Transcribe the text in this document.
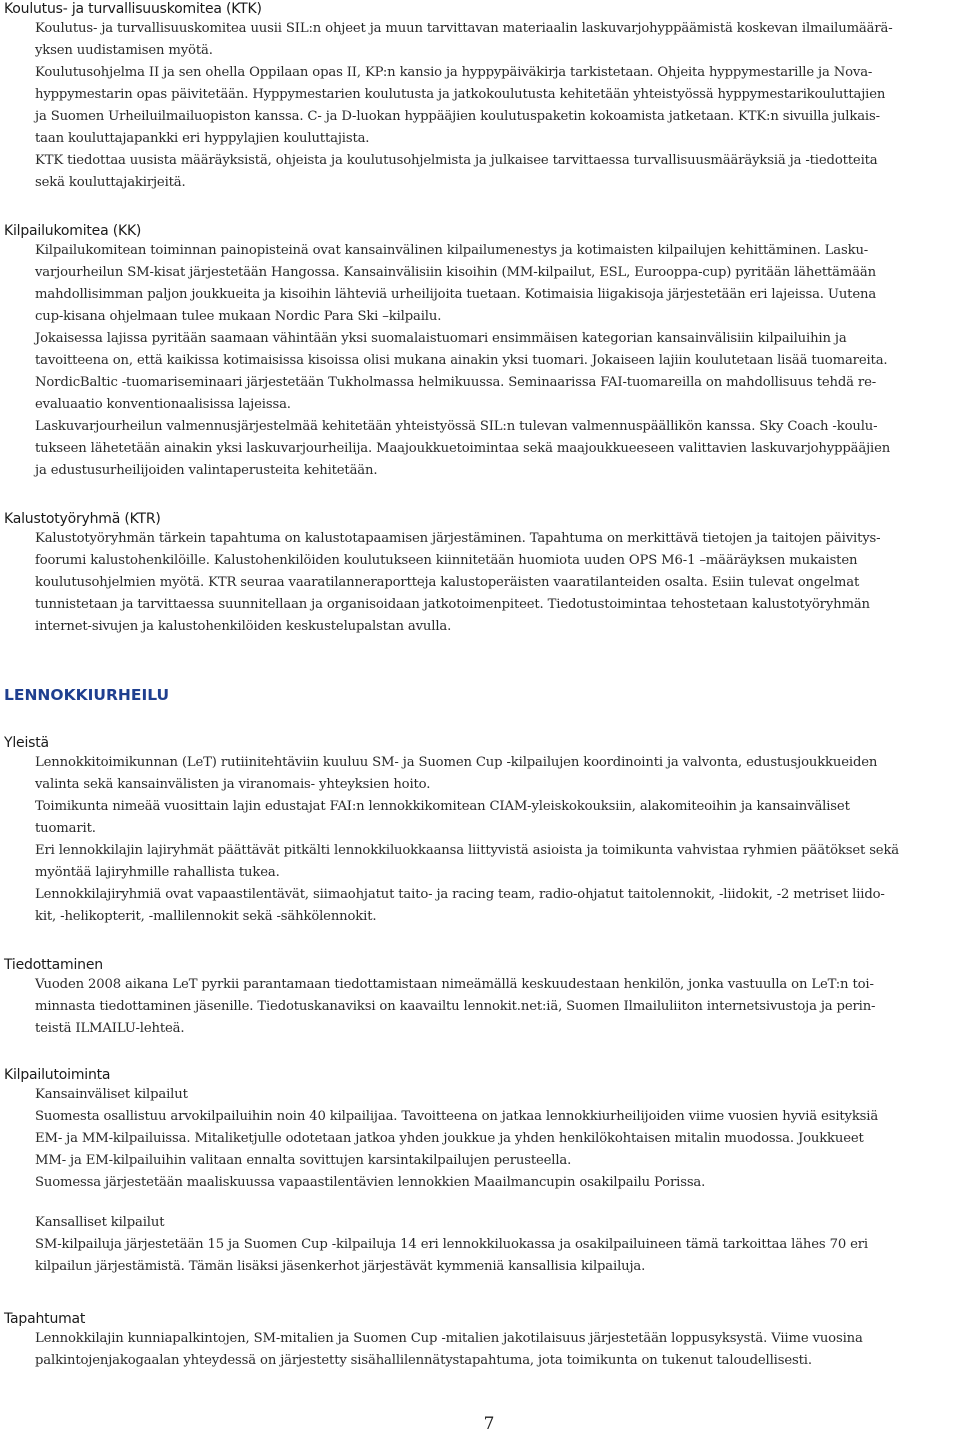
Koulutus- ja turvallisuuskomitea (KTK)
Koulutus- ja turvallisuuskomitea uusii SIL:n ohjeet ja muun tarvittavan materiaalin laskuvarjohyppäämistä koskevan ilmailumäärä-
yksen uudistamisen myötä.
Koulutusohjelma II ja sen ohella Oppilaan opas II, KP:n kansio ja hyppypäiväkirja tarkistetaan. Ohjeita hyppymestarille ja Nova-
hyppymestarin opas päivitetään. Hyppymestarien koulutusta ja jatkokoulutusta kehitetään yhteistyössä hyppymestarikouluttajien
ja Suomen Urheiluilmailuopiston kanssa. C- ja D-luokan hyppääjien koulutuspaketin kokoamista jatketaan. KTK:n sivuilla julkais-
taan kouluttajapankki eri hyppylajien kouluttajista.
KTK tiedottaa uusista määräyksistä, ohjeista ja koulutusohjelmista ja julkaisee tarvittaessa turvallisuusmääräyksiä ja -tiedotteita
sekä kouluttajakirjeitä.
Kilpailukomitea (KK)
Kilpailukomitean toiminnan painopisteinä ovat kansainvälinen kilpailumenestys ja kotimaisten kilpailujen kehittäminen. Lasku-
varjourheilun SM-kisat järjestetään Hangossa. Kansainvälisiin kisoihin (MM-kilpailut, ESL, Eurooppa-cup) pyritään lähettämään
mahdollisimman paljon joukkueita ja kisoihin lähteviä urheilijoita tuetaan. Kotimaisia liigakisoja järjestetään eri lajeissa. Uutena
cup-kisana ohjelmaan tulee mukaan Nordic Para Ski –kilpailu.
Jokaisessa lajissa pyritään saamaan vähintään yksi suomalaistuomari ensimmäisen kategorian kansainvälisiin kilpailuihin ja
tavoitteena on, että kaikissa kotimaisissa kisoissa olisi mukana ainakin yksi tuomari. Jokaiseen lajiin koulutetaan lisää tuomareita.
NordicBaltic -tuomariseminaari järjestetään Tukholmassa helmikuussa. Seminaarissa FAI-tuomareilla on mahdollisuus tehdä re-
evaluaatio konventionaalisissa lajeissa.
Laskuvarjourheilun valmennusjärjestelmää kehitetään yhteistyössä SIL:n tulevan valmennuspäällikön kanssa. Sky Coach -koulu-
tukseen lähetetään ainakin yksi laskuvarjourheilija. Maajoukkuetoimintaa sekä maajoukkueeseen valittavien laskuvarjohyppääjien
ja edustusurheilijoiden valintaperusteita kehitetään.
Kalustotyöryhmä (KTR)
Kalustotyöryhmän tärkein tapahtuma on kalustotapaamisen järjestäminen. Tapahtuma on merkittävä tietojen ja taitojen päivitys-
foorumi kalustohenkilöille. Kalustohenkilöiden koulutukseen kiinnitetään huomiota uuden OPS M6-1 –määräyksen mukaisten
koulutusohjelmien myötä. KTR seuraa vaaratilanneraportteja kalustoperäisten vaaratilanteiden osalta. Esiin tulevat ongelmat
tunnistetaan ja tarvittaessa suunnitellaan ja organisoidaan jatkotoimenpiteet. Tiedotustoimintaa tehostetaan kalustotyöryhmän
internet-sivujen ja kalustohenkilöiden keskustelupalstan avulla.
LENNOKKIURHEILU
Yleistä
Lennokkitoimikunnan (LeT) rutiinitehtäviin kuuluu SM- ja Suomen Cup -kilpailujen koordinointi ja valvonta, edustusjoukkueiden
valinta sekä kansainvälisten ja viranomais- yhteyksien hoito.
Toimikunta nimeää vuosittain lajin edustajat FAI:n lennokkikomitean CIAM-yleiskokouksiin, alakomiteoihin ja kansainväliset
tuomarit.
Eri lennokkilajin lajiryhmät päättävät pitkälti lennokkiluokkaansa liittyvistä asioista ja toimikunta vahvistaa ryhmien päätökset sekä
myöntää lajiryhmille rahallista tukea.
Lennokkilajiryhmiä ovat vapaastilentävät, siimaohjatut taito- ja racing team, radio-ohjatut taitolennokit, -liidokit, -2 metriset liido-
kit, -helikopterit, -mallilennokit sekä -sähkölennokit.
Tiedottaminen
Vuoden 2008 aikana LeT pyrkii parantamaan tiedottamistaan nimeämällä keskuudestaan henkilön, jonka vastuulla on LeT:n toi-
minnasta tiedottaminen jäsenille. Tiedotuskanaviksi on kaavailtu lennokit.net:iä, Suomen Ilmailuliiton internetsivustoja ja perin-
teistä ILMAILU-lehteä.
Kilpailutoiminta
Kansainväliset kilpailut
Suomesta osallistuu arvokilpailuihin noin 40 kilpailijaa. Tavoitteena on jatkaa lennokkiurheilijoiden viime vuosien hyviä esityksiä
EM- ja MM-kilpailuissa. Mitaliketjulle odotetaan jatkoa yhden joukkue ja yhden henkilökohtaisen mitalin muodossa. Joukkueet
MM- ja EM-kilpailuihin valitaan ennalta sovittujen karsintakilpailujen perusteella.
Suomessa järjestetään maaliskuussa vapaastilentävien lennokkien Maailmancupin osakilpailu Porissa.
Kansalliset kilpailut
SM-kilpailuja järjestetään 15 ja Suomen Cup -kilpailuja 14 eri lennokkiluokassa ja osakilpailuineen tämä tarkoittaa lähes 70 eri
kilpailun järjestämistä. Tämän lisäksi jäsenkerhot järjestävät kymmeniä kansallisia kilpailuja.
Tapahtumat
Lennokkilajin kunniapalkintojen, SM-mitalien ja Suomen Cup -mitalien jakotilaisuus järjestetään loppusyksystä. Viime vuosina
palkintojenjakogaalan yhteydessä on järjestetty sisähallilennätystapahtuma, jota toimikunta on tukenut taloudellisesti.
7
